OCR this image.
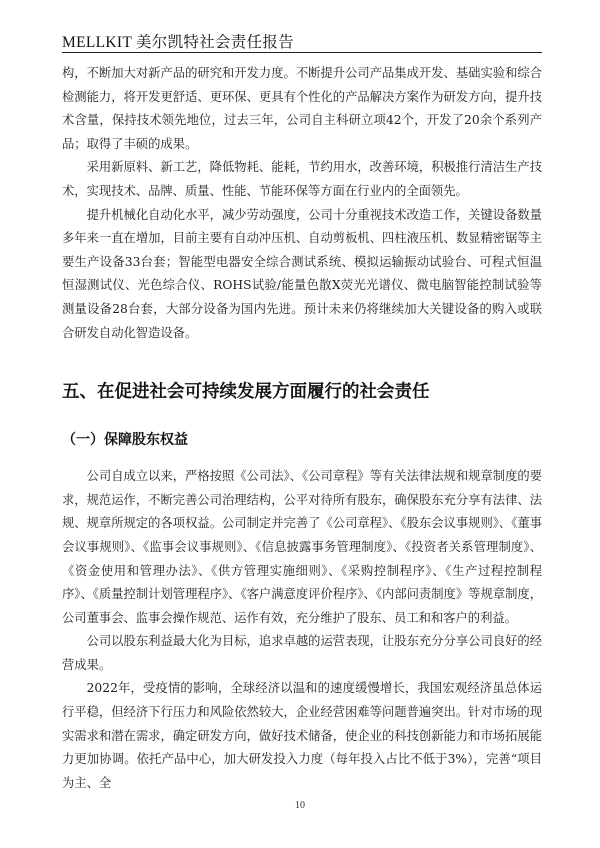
MELLKIT 美尔凯特社会责任报告

构，不断加大对新产品的研究和开发力度。不断提升公司产品集成开发、基础实验和综合检测能力，将开发更舒适、更环保、更具有个性化的产品解决方案作为研发方向，提升技术含量，保持技术领先地位，过去三年，公司自主科研立项42个，开发了20余个系列产品；取得了丰硕的成果。

采用新原料、新工艺，降低物耗、能耗，节约用水，改善环境，积极推行清洁生产技术，实现技术、品牌、质量、性能、节能环保等方面在行业内的全面领先。

提升机械化自动化水平，减少劳动强度，公司十分重视技术改造工作，关键设备数量多年来一直在增加，目前主要有自动冲压机、自动剪板机、四柱液压机、数显精密锯等主要生产设备33台套；智能型电器安全综合测试系统、模拟运输振动试验台、可程式恒温恒湿测试仪、光色综合仪、ROHS试验/能量色散X荧光光谱仪、微电脑智能控制试验等测量设备28台套，大部分设备为国内先进。预计未来仍将继续加大关键设备的购入或联合研发自动化智造设备。

五、在促进社会可持续发展方面履行的社会责任
（一）保障股东权益

公司自成立以来，严格按照《公司法》、《公司章程》等有关法律法规和规章制度的要求，规范运作，不断完善公司治理结构，公平对待所有股东，确保股东充分享有法律、法规、规章所规定的各项权益。公司制定并完善了《公司章程》、《股东会议事规则》、《董事会议事规则》、《监事会议事规则》、《信息披露事务管理制度》、《投资者关系管理制度》、《资金使用和管理办法》、《供方管理实施细则》、《采购控制程序》、《生产过程控制程序》、《质量控制计划管理程序》、《客户满意度评价程序》、《内部问责制度》等规章制度，公司董事会、监事会操作规范、运作有效，充分维护了股东、员工和和客户的利益。

公司以股东利益最大化为目标，追求卓越的运营表现，让股东充分分享公司良好的经营成果。

2022年，受疫情的影响，全球经济以温和的速度缓慢增长，我国宏观经济虽总体运行平稳，但经济下行压力和风险依然较大，企业经营困难等问题普遍突出。针对市场的现实需求和潜在需求，确定研发方向，做好技术储备，使企业的科技创新能力和市场拓展能力更加协调。依托产品中心，加大研发投入力度（每年投入占比不低于3%），完善“项目为主、全

10
